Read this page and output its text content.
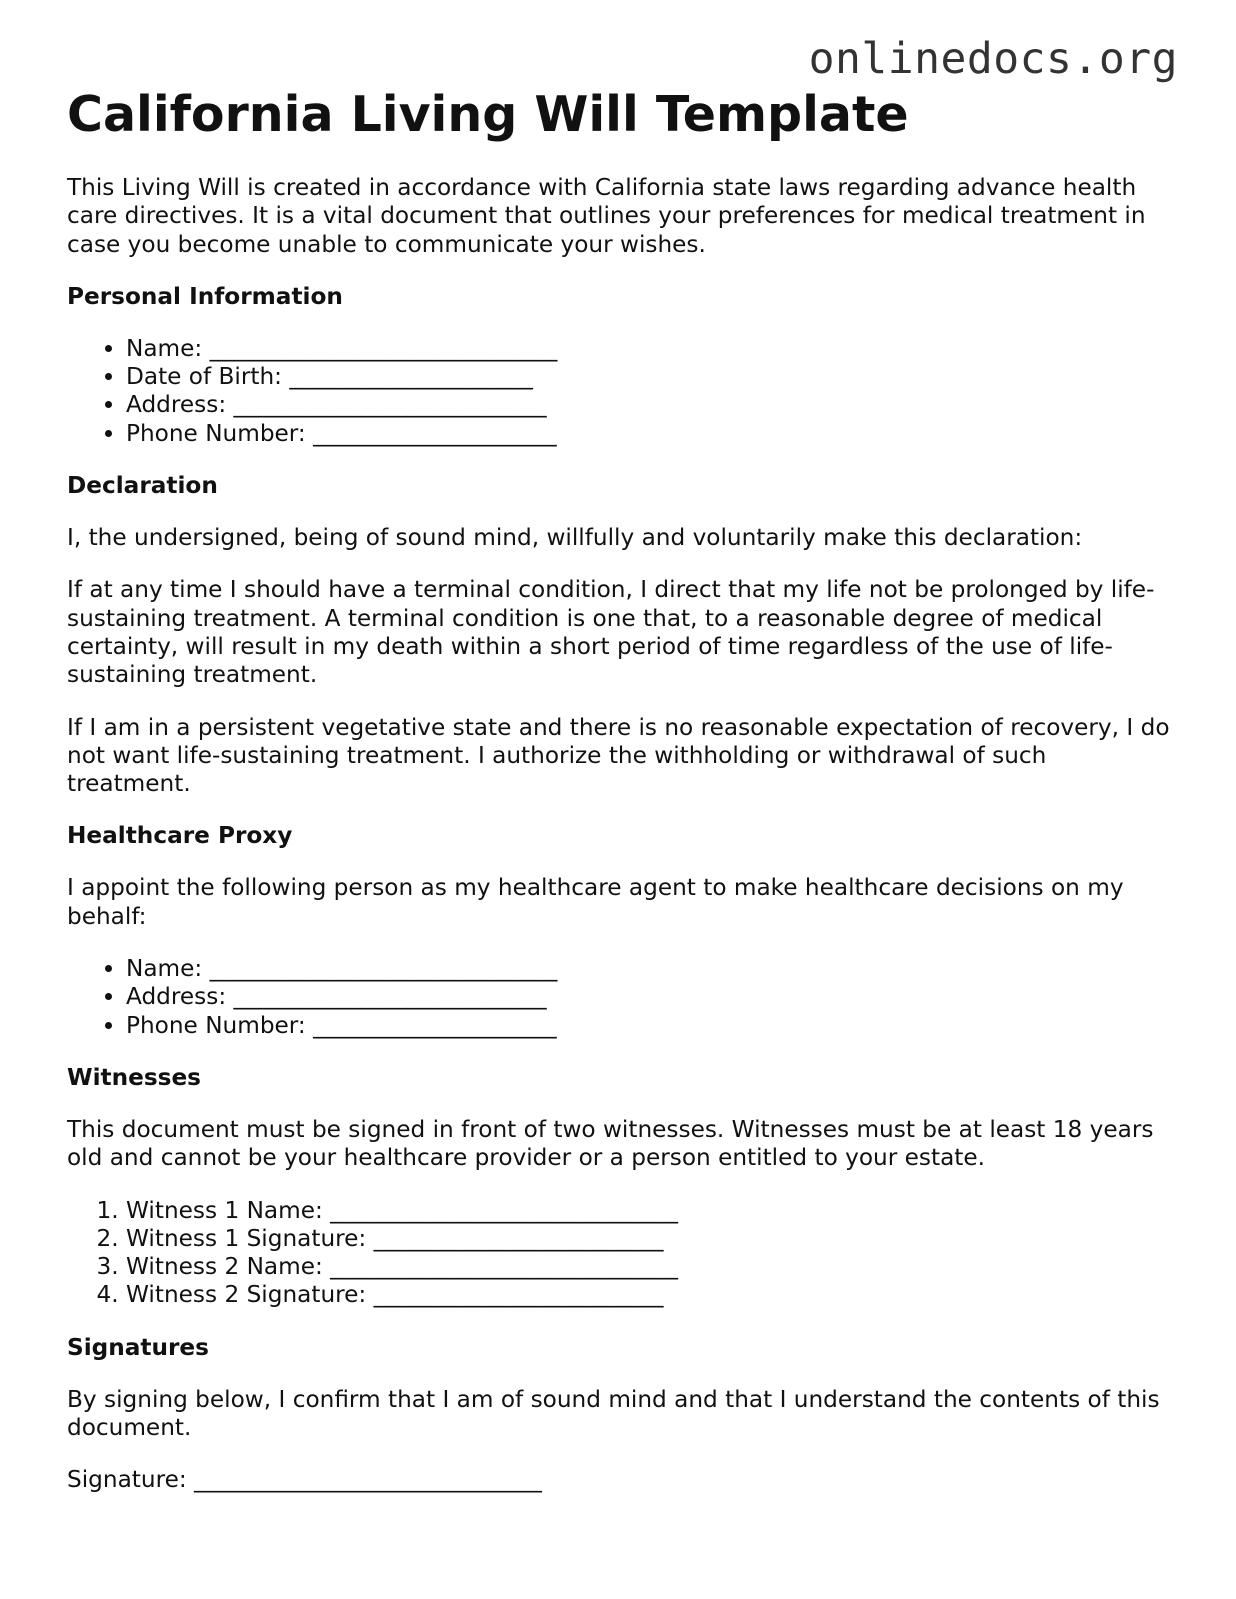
onlinedocs.org
California Living Will Template

This Living Will is created in accordance with California state laws regarding advance health care directives. It is a vital document that outlines your preferences for medical treatment in case you become unable to communicate your wishes.

Personal Information
• Name: ______________________________
• Date of Birth: _____________________
• Address: ___________________________
• Phone Number: _____________________
Declaration

I, the undersigned, being of sound mind, willfully and voluntarily make this declaration:

If at any time I should have a terminal condition, I direct that my life not be prolonged by life-sustaining treatment. A terminal condition is one that, to a reasonable degree of medical certainty, will result in my death within a short period of time regardless of the use of life-sustaining treatment.

If I am in a persistent vegetative state and there is no reasonable expectation of recovery, I do not want life-sustaining treatment. I authorize the withholding or withdrawal of such treatment.

Healthcare Proxy

I appoint the following person as my healthcare agent to make healthcare decisions on my behalf:

• Name: ______________________________
• Address: ___________________________
• Phone Number: _____________________
Witnesses

This document must be signed in front of two witnesses. Witnesses must be at least 18 years old and cannot be your healthcare provider or a person entitled to your estate.

1. Witness 1 Name: ______________________________
2. Witness 1 Signature: _________________________
3. Witness 2 Name: ______________________________
4. Witness 2 Signature: _________________________
Signatures

By signing below, I confirm that I am of sound mind and that I understand the contents of this document.

Signature: ______________________________
